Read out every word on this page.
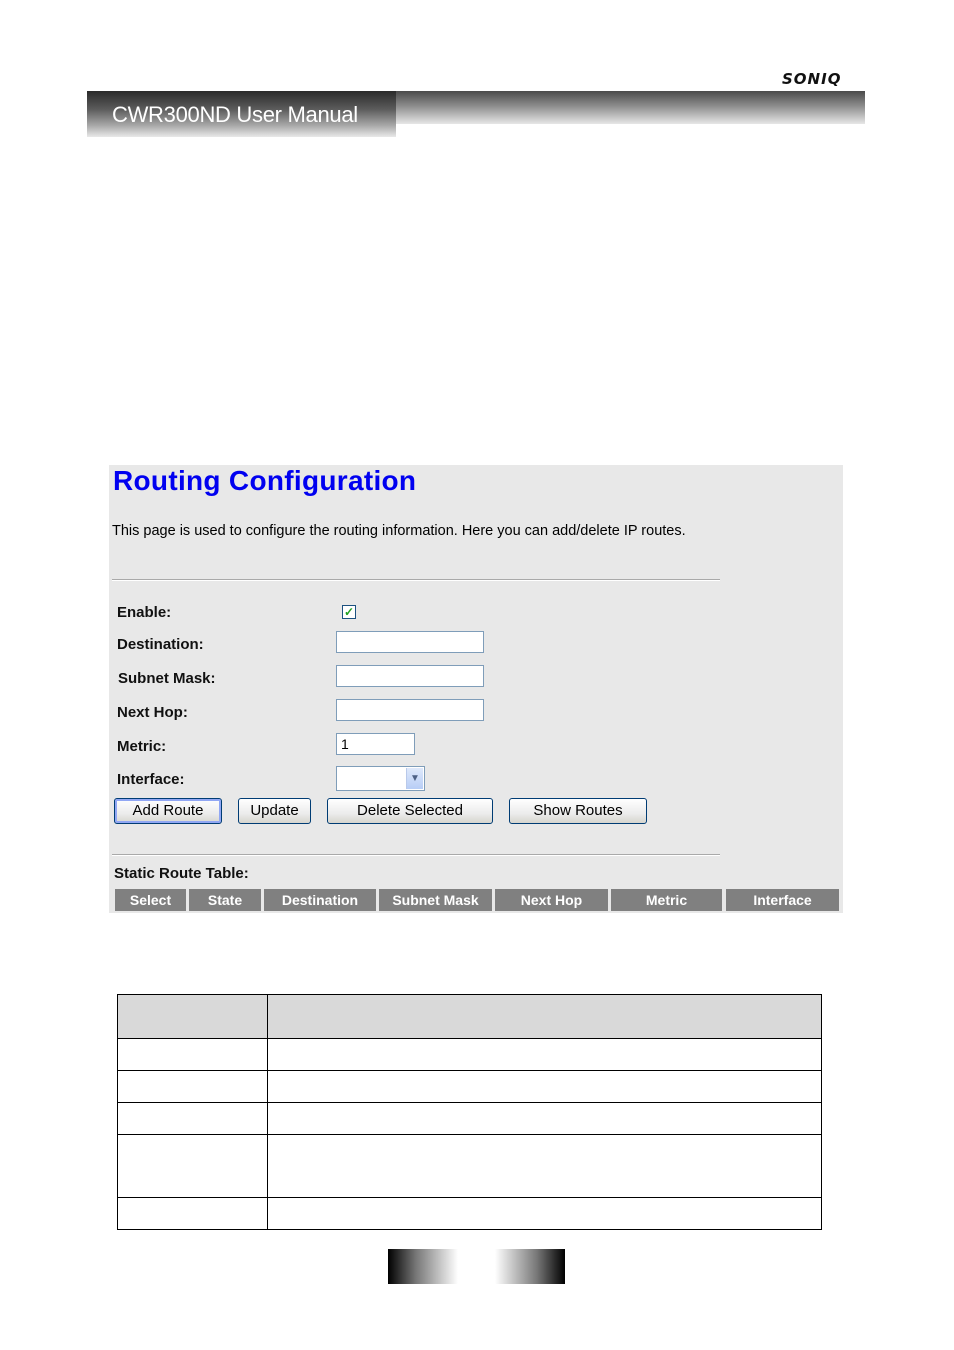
SONIQ
CWR300ND User Manual
Routing Configuration
This page is used to configure the routing information. Here you can add/delete IP routes.
Enable:	✓
Destination:
Subnet Mask:
Next Hop:
Metric:	1
Interface:	▼
Add Route	Update	Delete Selected	Show Routes
Static Route Table:
Select	State	Destination	Subnet Mask	Next Hop	Metric	Interface
